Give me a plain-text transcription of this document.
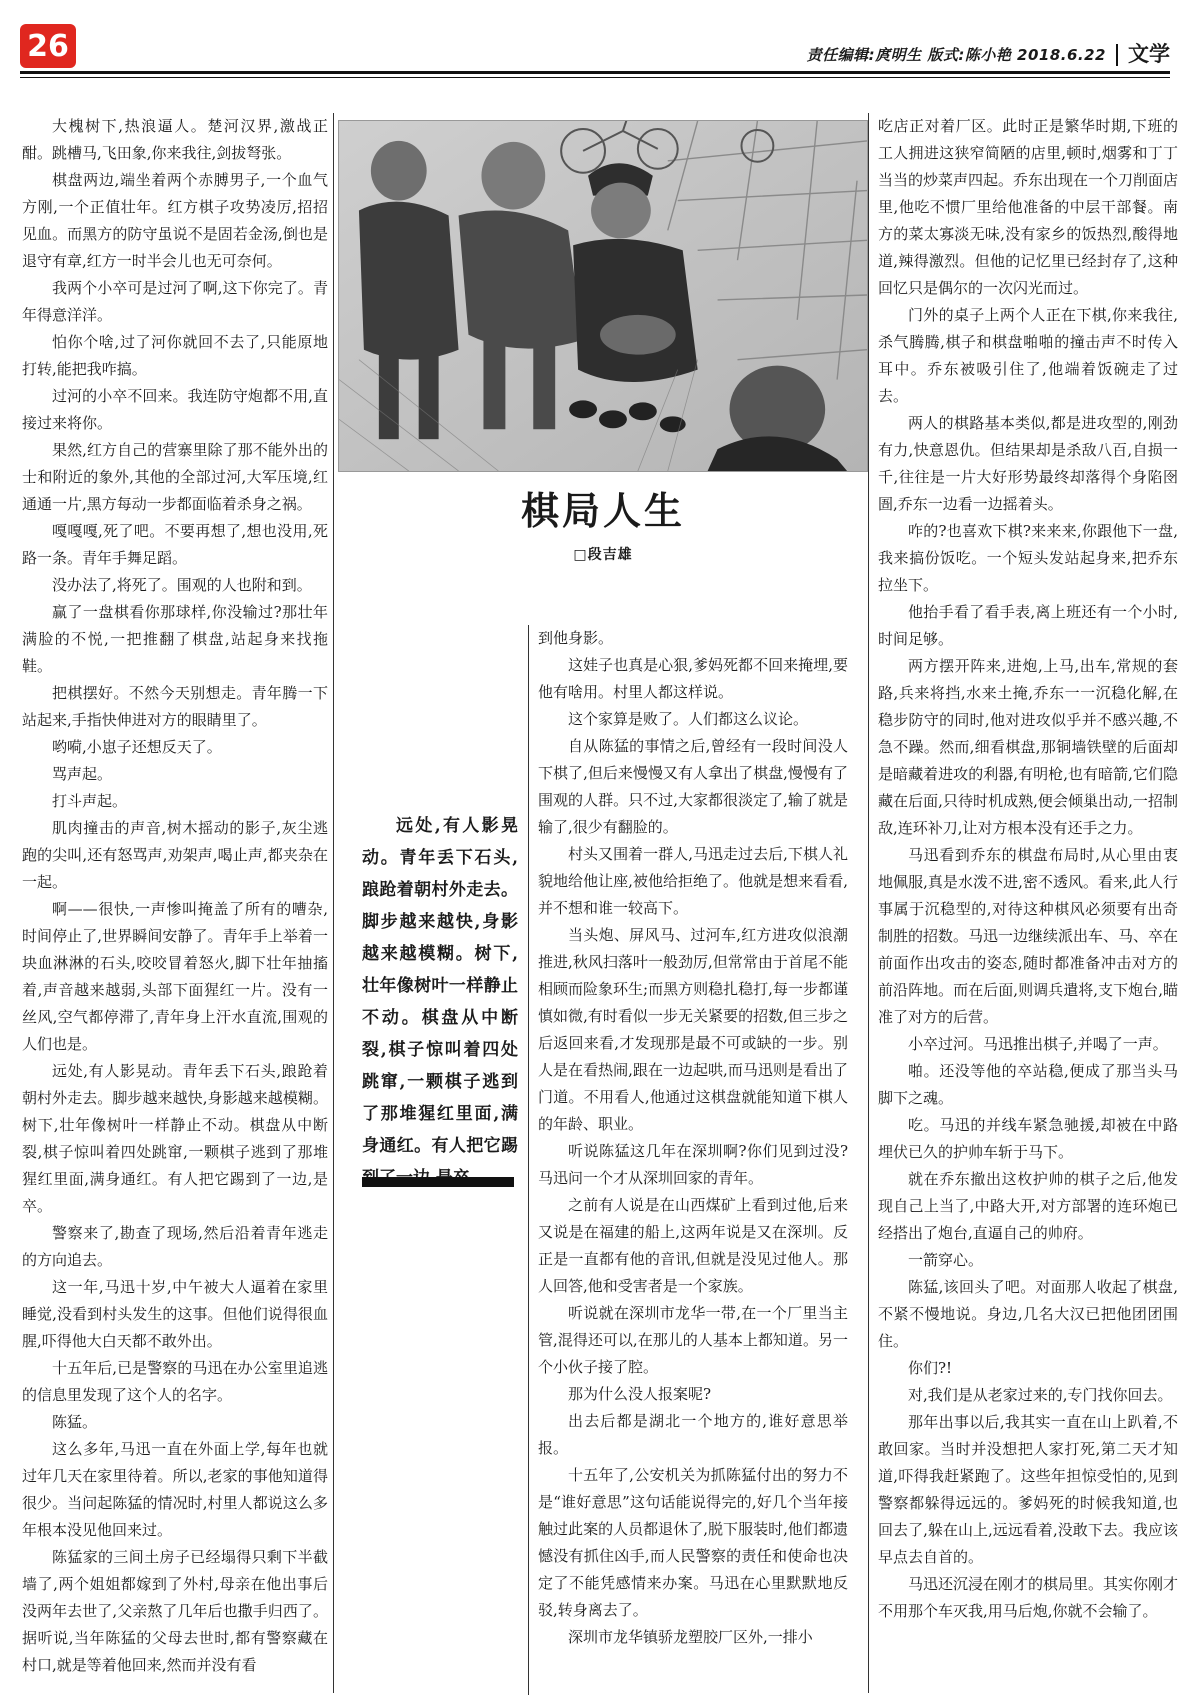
26	责任编辑:庹明生 版式:陈小艳 2018.6.22 文学

大槐树下,热浪逼人。楚河汉界,激战正酣。跳槽马,飞田象,你来我往,剑拔弩张。

棋盘两边,端坐着两个赤膊男子,一个血气方刚,一个正值壮年。红方棋子攻势凌厉,招招见血。而黑方的防守虽说不是固若金汤,倒也是退守有章,红方一时半会儿也无可奈何。

我两个小卒可是过河了啊,这下你完了。青年得意洋洋。

怕你个啥,过了河你就回不去了,只能原地打转,能把我咋搞。

过河的小卒不回来。我连防守炮都不用,直接过来将你。

果然,红方自己的营寨里除了那不能外出的士和附近的象外,其他的全部过河,大军压境,红通通一片,黑方每动一步都面临着杀身之祸。

嘎嘎嘎,死了吧。不要再想了,想也没用,死路一条。青年手舞足蹈。

没办法了,将死了。围观的人也附和到。

赢了一盘棋看你那球样,你没输过?那壮年满脸的不悦,一把推翻了棋盘,站起身来找拖鞋。

把棋摆好。不然今天别想走。青年腾一下站起来,手指快伸进对方的眼睛里了。

哟嗬,小崽子还想反天了。

骂声起。

打斗声起。

肌肉撞击的声音,树木摇动的影子,灰尘逃跑的尖叫,还有怒骂声,劝架声,喝止声,都夹杂在一起。

啊——很快,一声惨叫掩盖了所有的嘈杂,时间停止了,世界瞬间安静了。青年手上举着一块血淋淋的石头,咬咬冒着怒火,脚下壮年抽搐着,声音越来越弱,头部下面猩红一片。没有一丝风,空气都停滞了,青年身上汗水直流,围观的人们也是。

远处,有人影晃动。青年丢下石头,踉跄着朝村外走去。脚步越来越快,身影越来越模糊。树下,壮年像树叶一样静止不动。棋盘从中断裂,棋子惊叫着四处跳窜,一颗棋子逃到了那堆猩红里面,满身通红。有人把它踢到了一边,是卒。

警察来了,勘查了现场,然后沿着青年逃走的方向追去。

这一年,马迅十岁,中午被大人逼着在家里睡觉,没看到村头发生的这事。但他们说得很血腥,吓得他大白天都不敢外出。

十五年后,已是警察的马迅在办公室里追逃的信息里发现了这个人的名字。

陈猛。

这么多年,马迅一直在外面上学,每年也就过年几天在家里待着。所以,老家的事他知道得很少。当问起陈猛的情况时,村里人都说这么多年根本没见他回来过。

陈猛家的三间土房子已经塌得只剩下半截墙了,两个姐姐都嫁到了外村,母亲在他出事后没两年去世了,父亲熬了几年后也撒手归西了。据听说,当年陈猛的父母去世时,都有警察藏在村口,就是等着他回来,然而并没有看

棋局人生
□段吉雄

远处,有人影晃动。青年丢下石头,踉跄着朝村外走去。脚步越来越快,身影越来越模糊。树下,壮年像树叶一样静止不动。棋盘从中断裂,棋子惊叫着四处跳窜,一颗棋子逃到了那堆猩红里面,满身通红。有人把它踢

到他身影。

这娃子也真是心狠,爹妈死都不回来掩埋,要他有啥用。村里人都这样说。

这个家算是败了。人们都这么议论。

自从陈猛的事情之后,曾经有一段时间没人下棋了,但后来慢慢又有人拿出了棋盘,慢慢有了围观的人群。只不过,大家都很淡定了,输了就是输了,很少有翻脸的。

村头又围着一群人,马迅走过去后,下棋人礼貌地给他让座,被他给拒绝了。他就是想来看看,并不想和谁一较高下。

当头炮、屏风马、过河车,红方进攻似浪潮推进,秋风扫落叶一般劲厉,但常常由于首尾不能相顾而险象环生;而黑方则稳扎稳打,每一步都谨慎如微,有时看似一步无关紧要的招数,但三步之后返回来看,才发现那是最不可或缺的一步。别人是在看热闹,跟在一边起哄,而马迅则是看出了门道。不用看人,他通过这棋盘就能知道下棋人的年龄、职业。

听说陈猛这几年在深圳啊?你们见到过没?马迅问一个才从深圳回家的青年。

之前有人说是在山西煤矿上看到过他,后来又说是在福建的船上,这两年说是又在深圳。反正是一直都有他的音讯,但就是没见过他人。那人回答,他和受害者是一个家族。

听说就在深圳市龙华一带,在一个厂里当主管,混得还可以,在那儿的人基本上都知道。另一个小伙子接了腔。

那为什么没人报案呢?

出去后都是湖北一个地方的,谁好意思举报。

十五年了,公安机关为抓陈猛付出的努力不是“谁好意思”这句话能说得完的,好几个当年接触过此案的人员都退休了,脱下服装时,他们都遗憾没有抓住凶手,而人民警察的责任和使命也决定了不能凭感情来办案。马迅在心里默默地反驳,转身离去了。

深圳市龙华镇骄龙塑胶厂区外,一排小

吃店正对着厂区。此时正是繁华时期,下班的工人拥进这狭窄简陋的店里,顿时,烟雾和丁丁当当的炒菜声四起。乔东出现在一个刀削面店里,他吃不惯厂里给他准备的中层干部餐。南方的菜太寡淡无味,没有家乡的饭热烈,酸得地道,辣得激烈。但他的记忆里已经封存了,这种回忆只是偶尔的一次闪光而过。

门外的桌子上两个人正在下棋,你来我往,杀气腾腾,棋子和棋盘啪啪的撞击声不时传入耳中。乔东被吸引住了,他端着饭碗走了过去。

两人的棋路基本类似,都是进攻型的,刚劲有力,快意恩仇。但结果却是杀敌八百,自损一千,往往是一片大好形势最终却落得个身陷囹圄,乔东一边看一边摇着头。

咋的?也喜欢下棋?来来来,你跟他下一盘,我来搞份饭吃。一个短头发站起身来,把乔东拉坐下。

他抬手看了看手表,离上班还有一个小时,时间足够。

两方摆开阵来,进炮,上马,出车,常规的套路,兵来将挡,水来土掩,乔东一一沉稳化解,在稳步防守的同时,他对进攻似乎并不感兴趣,不急不躁。然而,细看棋盘,那铜墙铁壁的后面却是暗藏着进攻的利器,有明枪,也有暗箭,它们隐藏在后面,只待时机成熟,便会倾巢出动,一招制敌,连环补刀,让对方根本没有还手之力。

马迅看到乔东的棋盘布局时,从心里由衷地佩服,真是水泼不进,密不透风。看来,此人行事属于沉稳型的,对待这种棋风必须要有出奇制胜的招数。马迅一边继续派出车、马、卒在前面作出攻击的姿态,随时都准备冲击对方的前沿阵地。而在后面,则调兵遣将,支下炮台,瞄准了对方的后营。

小卒过河。马迅推出棋子,并喝了一声。

啪。还没等他的卒站稳,便成了那当头马脚下之魂。

吃。马迅的并线车紧急驰援,却被在中路埋伏已久的护帅车斩于马下。

就在乔东撤出这枚护帅的棋子之后,他发现自己上当了,中路大开,对方部署的连环炮已经搭出了炮台,直逼自己的帅府。

一箭穿心。

陈猛,该回头了吧。对面那人收起了棋盘,不紧不慢地说。身边,几名大汉已把他团团围住。

你们?!

对,我们是从老家过来的,专门找你回去。

那年出事以后,我其实一直在山上趴着,不敢回家。当时并没想把人家打死,第二天才知道,吓得我赶紧跑了。这些年担惊受怕的,见到警察都躲得远远的。爹妈死的时候我知道,也回去了,躲在山上,远远看着,没敢下去。我应该早点去自首的。

马迅还沉浸在刚才的棋局里。其实你刚才不用那个车灭我,用马后炮,你就不会输了。
